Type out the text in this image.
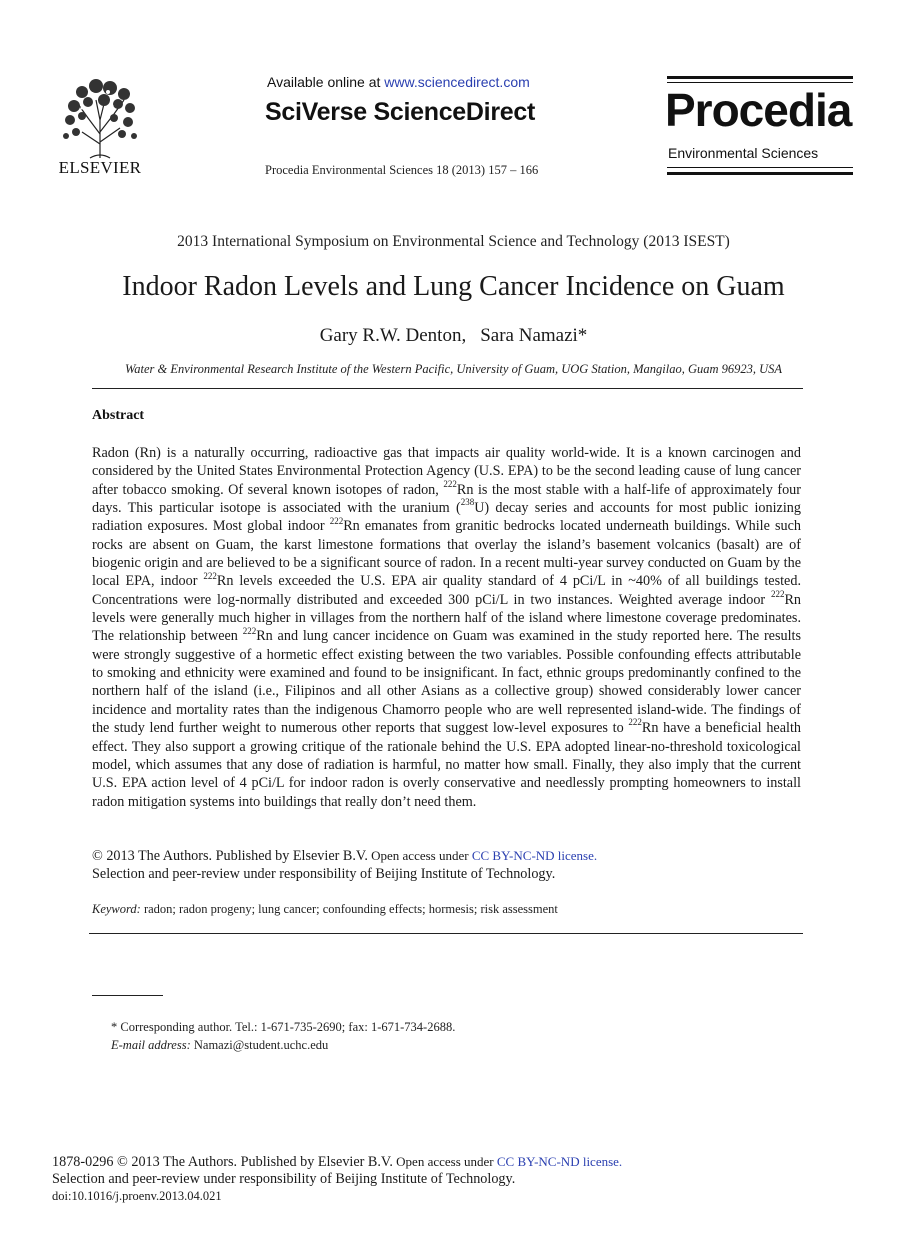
ELSEVIER
Available online at www.sciencedirect.com
SciVerse ScienceDirect
Procedia Environmental Sciences 18 (2013) 157 – 166
Procedia
Environmental Sciences
2013 International Symposium on Environmental Science and Technology (2013 ISEST)
Indoor Radon Levels and Lung Cancer Incidence on Guam
Gary R.W. Denton, Sara Namazi*
Water & Environmental Research Institute of the Western Pacific, University of Guam, UOG Station, Mangilao, Guam 96923, USA
Abstract
Radon (Rn) is a naturally occurring, radioactive gas that impacts air quality world-wide. It is a known carcinogen and considered by the United States Environmental Protection Agency (U.S. EPA) to be the second leading cause of lung cancer after tobacco smoking. Of several known isotopes of radon, $^{222}$Rn is the most stable with a half-life of approximately four days. This particular isotope is associated with the uranium ($^{238}$U) decay series and accounts for most public ionizing radiation exposures. Most global indoor $^{222}$Rn emanates from granitic bedrocks located underneath buildings. While such rocks are absent on Guam, the karst limestone formations that overlay the island’s basement volcanics (basalt) are of biogenic origin and are believed to be a significant source of radon. In a recent multi-year survey conducted on Guam by the local EPA, indoor $^{222}$Rn levels exceeded the U.S. EPA air quality standard of 4 pCi/L in ~40% of all buildings tested. Concentrations were log-normally distributed and exceeded 300 pCi/L in two instances. Weighted average indoor $^{222}$Rn levels were generally much higher in villages from the northern half of the island where limestone coverage predominates. The relationship between $^{222}$Rn and lung cancer incidence on Guam was examined in the study reported here. The results were strongly suggestive of a hormetic effect existing between the two variables. Possible confounding effects attributable to smoking and ethnicity were examined and found to be insignificant. In fact, ethnic groups predominantly confined to the northern half of the island (i.e., Filipinos and all other Asians as a collective group) showed considerably lower cancer incidence and mortality rates than the indigenous Chamorro people who are well represented island-wide. The findings of the study lend further weight to numerous other reports that suggest low-level exposures to $^{222}$Rn have a beneficial health effect. They also support a growing critique of the rationale behind the U.S. EPA adopted linear-no-threshold toxicological model, which assumes that any dose of radiation is harmful, no matter how small. Finally, they also imply that the current U.S. EPA action level of 4 pCi/L for indoor radon is overly conservative and needlessly prompting homeowners to install radon mitigation systems into buildings that really don’t need them.
© 2013 The Authors. Published by Elsevier B.V. Open access under CC BY-NC-ND license.
Selection and peer-review under responsibility of Beijing Institute of Technology.
Keyword: radon; radon progeny; lung cancer; confounding effects; hormesis; risk assessment
* Corresponding author. Tel.: 1-671-735-2690; fax: 1-671-734-2688.
E-mail address: Namazi@student.uchc.edu
1878-0296 © 2013 The Authors. Published by Elsevier B.V. Open access under CC BY-NC-ND license.
Selection and peer-review under responsibility of Beijing Institute of Technology.
doi:10.1016/j.proenv.2013.04.021
